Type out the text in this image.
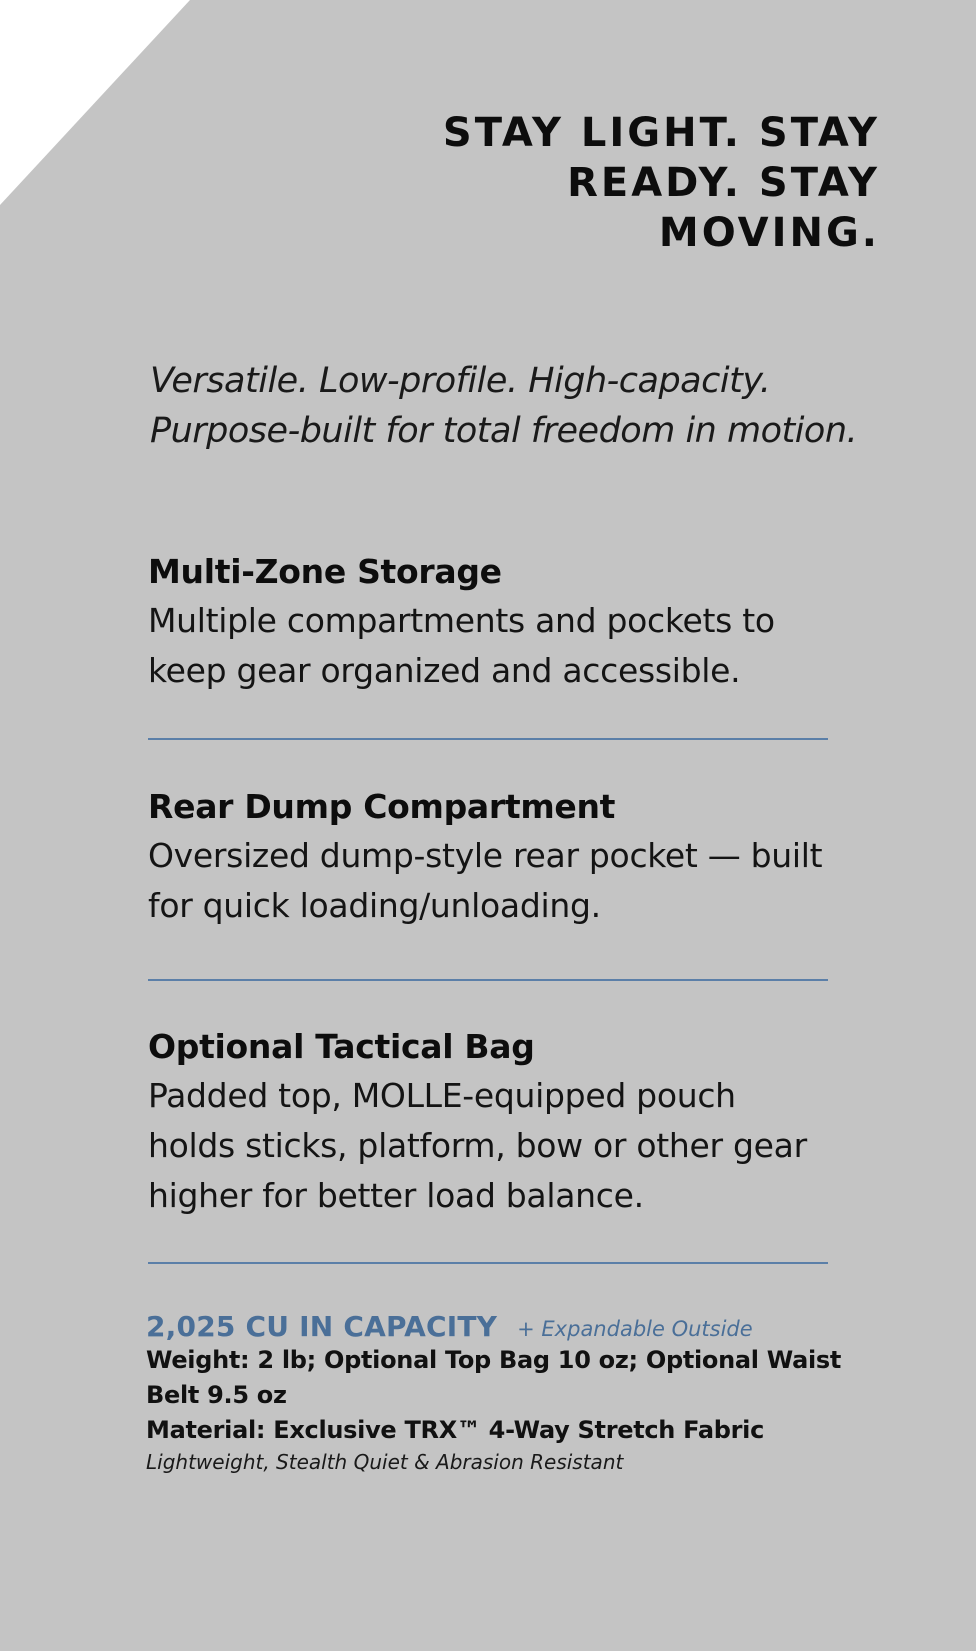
STAY LIGHT. STAY
READY. STAY
MOVING.
Versatile. Low-profile. High-capacity.
Purpose-built for total freedom in motion.
Multi-Zone Storage

Multiple compartments and pockets to
keep gear organized and accessible.

Rear Dump Compartment

Oversized dump-style rear pocket — built
for quick loading/unloading.

Optional Tactical Bag

Padded top, MOLLE-equipped pouch
holds sticks, platform, bow or other gear
higher for better load balance.

2,025 CU IN CAPACITY + Expandable Outside
Weight: 2 lb; Optional Top Bag 10 oz; Optional Waist
Belt 9.5 oz
Material: Exclusive TRX™ 4-Way Stretch Fabric
Lightweight, Stealth Quiet & Abrasion Resistant
